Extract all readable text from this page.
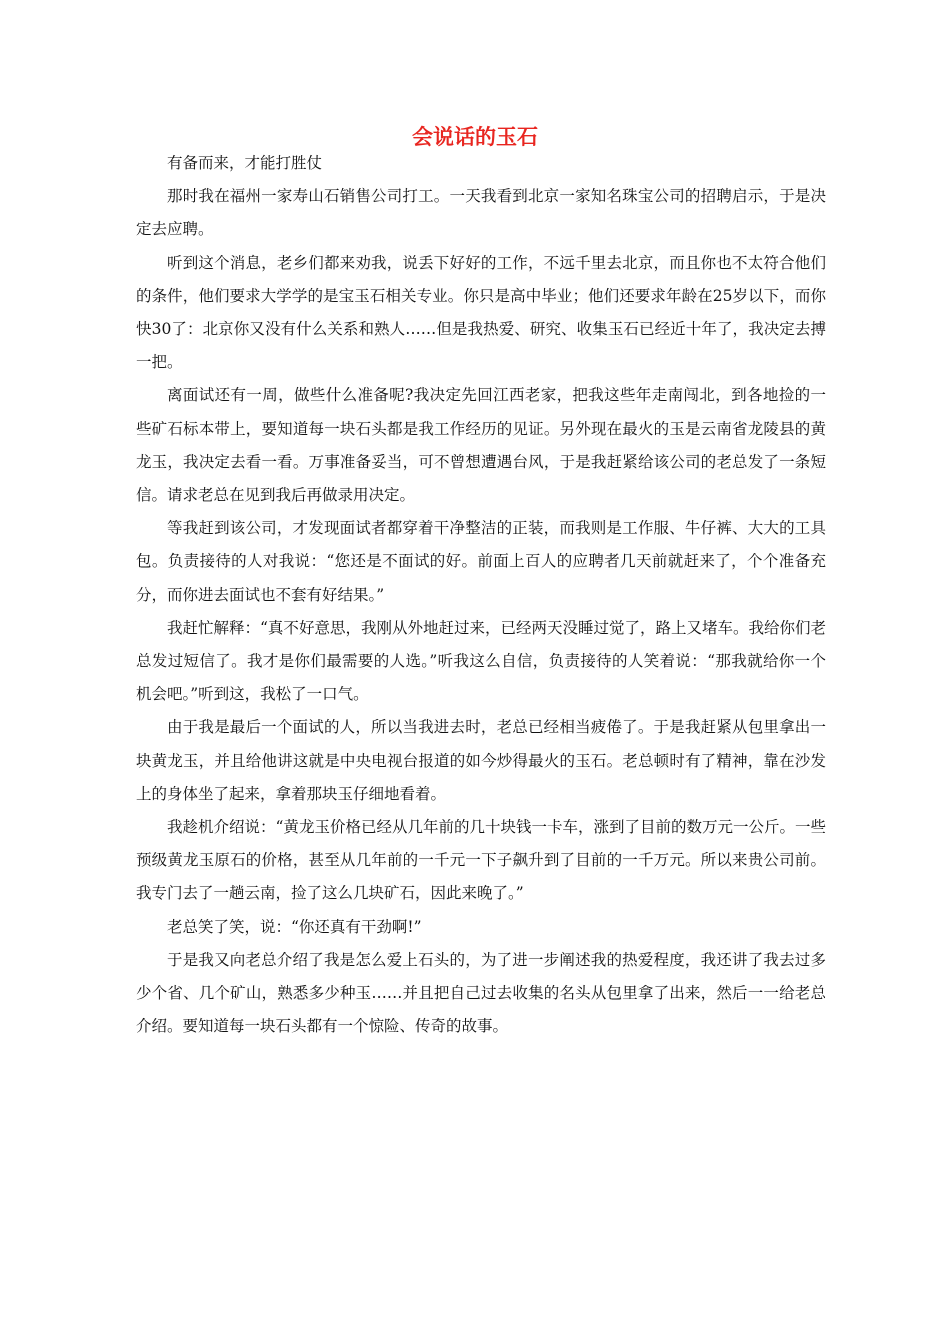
会说话的玉石

有备而来，才能打胜仗

那时我在福州一家寿山石销售公司打工。一天我看到北京一家知名珠宝公司的招聘启示，于是决定去应聘。

听到这个消息，老乡们都来劝我，说丢下好好的工作，不远千里去北京，而且你也不太符合他们的条件，他们要求大学学的是宝玉石相关专业。你只是高中毕业；他们还要求年龄在25岁以下，而你快30了：北京你又没有什么关系和熟人……但是我热爱、研究、收集玉石已经近十年了，我决定去搏一把。

离面试还有一周，做些什么准备呢?我决定先回江西老家，把我这些年走南闯北，到各地捡的一些矿石标本带上，要知道每一块石头都是我工作经历的见证。另外现在最火的玉是云南省龙陵县的黄龙玉，我决定去看一看。万事准备妥当，可不曾想遭遇台风，于是我赶紧给该公司的老总发了一条短信。请求老总在见到我后再做录用决定。

等我赶到该公司，才发现面试者都穿着干净整洁的正装，而我则是工作服、牛仔裤、大大的工具包。负责接待的人对我说：“您还是不面试的好。前面上百人的应聘者几天前就赶来了，个个准备充分，而你进去面试也不套有好结果。”

我赶忙解释：“真不好意思，我刚从外地赶过来，已经两天没睡过觉了，路上又堵车。我给你们老总发过短信了。我才是你们最需要的人选。”听我这么自信，负责接待的人笑着说：“那我就给你一个机会吧。”听到这，我松了一口气。

由于我是最后一个面试的人，所以当我进去时，老总已经相当疲倦了。于是我赶紧从包里拿出一块黄龙玉，并且给他讲这就是中央电视台报道的如今炒得最火的玉石。老总顿时有了精神，靠在沙发上的身体坐了起来，拿着那块玉仔细地看着。

我趁机介绍说：“黄龙玉价格已经从几年前的几十块钱一卡车，涨到了目前的数万元一公斤。一些预级黄龙玉原石的价格，甚至从几年前的一千元一下子飙升到了目前的一千万元。所以来贵公司前。我专门去了一趟云南，捡了这么几块矿石，因此来晚了。”

老总笑了笑，说：“你还真有干劲啊!”

于是我又向老总介绍了我是怎么爱上石头的，为了进一步阐述我的热爱程度，我还讲了我去过多少个省、几个矿山，熟悉多少种玉……并且把自己过去收集的名头从包里拿了出来，然后一一给老总介绍。要知道每一块石头都有一个惊险、传奇的故事。
